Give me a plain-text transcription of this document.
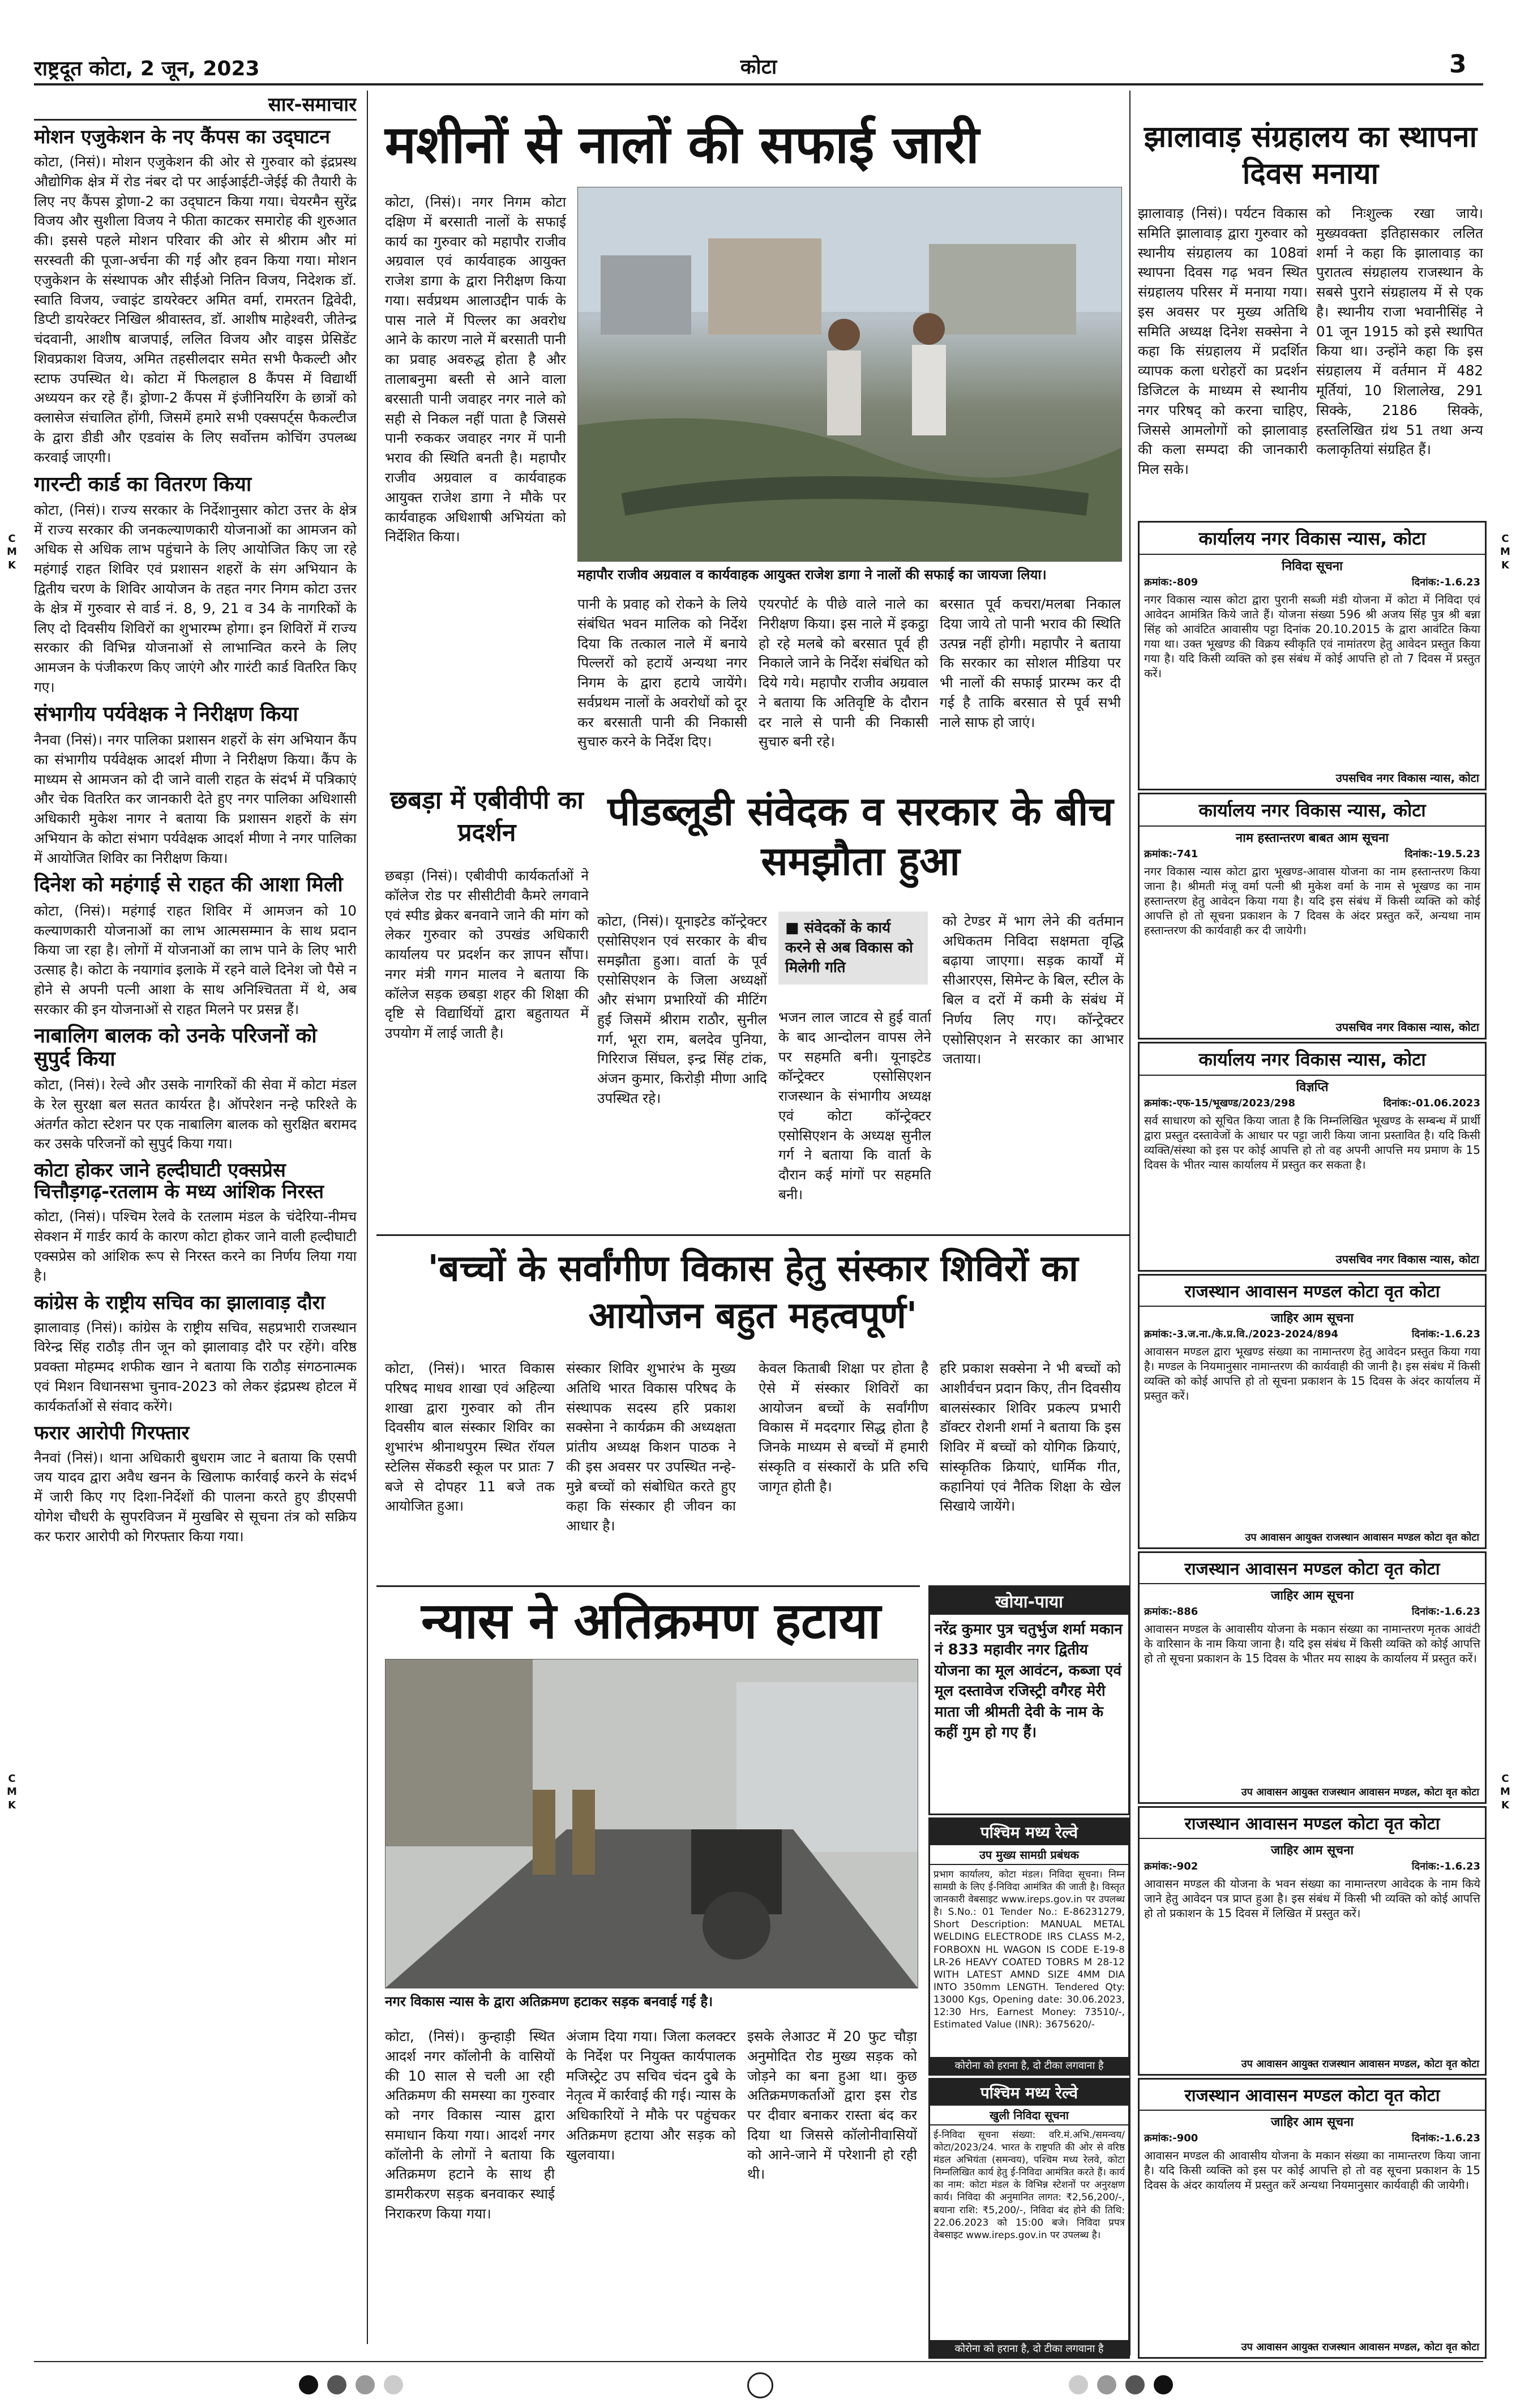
राष्ट्रदूत कोटा, 2 जून, 2023	कोटा	3
C
M
K
C
M
K
C
M
K
C
M
K
सार-समाचार
मोशन एजुकेशन के नए कैंपस का उद्‌घाटन

कोटा, (निसं)। मोशन एजुकेशन की ओर से गुरुवार को इंद्रप्रस्थ औद्योगिक क्षेत्र में रोड नंबर दो पर आईआईटी-जेईई की तैयारी के लिए नए कैंपस ड्रोणा-2 का उद्‌घाटन किया गया। चेयरमैन सुरेंद्र विजय और सुशीला विजय ने फीता काटकर समारोह की शुरुआत की। इससे पहले मोशन परिवार की ओर से श्रीराम और मां सरस्वती की पूजा-अर्चना की गई और हवन किया गया। मोशन एजुकेशन के संस्थापक और सीईओ नितिन विजय, निदेशक डॉ. स्वाति विजय, ज्वाइंट डायरेक्टर अमित वर्मा, रामरतन द्विवेदी, डिप्टी डायरेक्टर निखिल श्रीवास्तव, डॉ. आशीष माहेश्वरी, जीतेन्द्र चंदवानी, आशीष बाजपाई, ललित विजय और वाइस प्रेसिडेंट शिवप्रकाश विजय, अमित तहसीलदार समेत सभी फैकल्टी और स्टाफ उपस्थित थे। कोटा में फिलहाल 8 कैंपस में विद्यार्थी अध्ययन कर रहे हैं। ड्रोणा-2 कैंपस में इंजीनियरिंग के छात्रों को क्लासेज संचालित होंगी, जिसमें हमारे सभी एक्सपर्ट्स फैकल्टीज के द्वारा डीडी और एडवांस के लिए सर्वोत्तम कोचिंग उपलब्ध करवाई जाएगी।

गारन्टी कार्ड का वितरण किया

कोटा, (निसं)। राज्य सरकार के निर्देशानुसार कोटा उत्तर के क्षेत्र में राज्य सरकार की जनकल्याणकारी योजनाओं का आमजन को अधिक से अधिक लाभ पहुंचाने के लिए आयोजित किए जा रहे महंगाई राहत शिविर एवं प्रशासन शहरों के संग अभियान के द्वितीय चरण के शिविर आयोजन के तहत नगर निगम कोटा उत्तर के क्षेत्र में गुरुवार से वार्ड नं. 8, 9, 21 व 34 के नागरिकों के लिए दो दिवसीय शिविरों का शुभारम्भ होगा। इन शिविरों में राज्य सरकार की विभिन्न योजनाओं से लाभान्वित करने के लिए आमजन के पंजीकरण किए जाएंगे और गारंटी कार्ड वितरित किए गए।

संभागीय पर्यवेक्षक ने निरीक्षण किया

नैनवा (निसं)। नगर पालिका प्रशासन शहरों के संग अभियान कैंप का संभागीय पर्यवेक्षक आदर्श मीणा ने निरीक्षण किया। कैंप के माध्यम से आमजन को दी जाने वाली राहत के संदर्भ में पत्रिकाएं और चेक वितरित कर जानकारी देते हुए नगर पालिका अधिशासी अधिकारी मुकेश नागर ने बताया कि प्रशासन शहरों के संग अभियान के कोटा संभाग पर्यवेक्षक आदर्श मीणा ने नगर पालिका में आयोजित शिविर का निरीक्षण किया।

दिनेश को महंगाई से राहत की आशा मिली

कोटा, (निसं)। महंगाई राहत शिविर में आमजन को 10 कल्याणकारी योजनाओं का लाभ आत्मसम्मान के साथ प्रदान किया जा रहा है। लोगों में योजनाओं का लाभ पाने के लिए भारी उत्साह है। कोटा के नयागांव इलाके में रहने वाले दिनेश जो पैसे न होने से अपनी पत्नी आशा के साथ अनिश्चितता में थे, अब सरकार की इन योजनाओं से राहत मिलने पर प्रसन्न हैं।

नाबालिग बालक को उनके परिजनों को सुपुर्द किया

कोटा, (निसं)। रेल्वे और उसके नागरिकों की सेवा में कोटा मंडल के रेल सुरक्षा बल सतत कार्यरत है। ऑपरेशन नन्हे फरिश्ते के अंतर्गत कोटा स्टेशन पर एक नाबालिग बालक को सुरक्षित बरामद कर उसके परिजनों को सुपुर्द किया गया।

कोटा होकर जाने हल्दीघाटी एक्सप्रेस चित्तौड़गढ़-रतलाम के मध्य आंशिक निरस्त

कोटा, (निसं)। पश्चिम रेलवे के रतलाम मंडल के चंदेरिया-नीमच सेक्शन में गार्डर कार्य के कारण कोटा होकर जाने वाली हल्दीघाटी एक्सप्रेस को आंशिक रूप से निरस्त करने का निर्णय लिया गया है।

कांग्रेस के राष्ट्रीय सचिव का झालावाड़ दौरा

झालावाड़ (निसं)। कांग्रेस के राष्ट्रीय सचिव, सहप्रभारी राजस्थान विरेन्द्र सिंह राठौड़ तीन जून को झालावाड़ दौरे पर रहेंगे। वरिष्ठ प्रवक्ता मोहम्मद शफीक खान ने बताया कि राठौड़ संगठनात्मक एवं मिशन विधानसभा चुनाव-2023 को लेकर इंद्रप्रस्थ होटल में कार्यकर्ताओं से संवाद करेंगे।

फरार आरोपी गिरफ्तार

नैनवां (निसं)। थाना अधिकारी बुधराम जाट ने बताया कि एसपी जय यादव द्वारा अवैध खनन के खिलाफ कार्रवाई करने के संदर्भ में जारी किए गए दिशा-निर्देशों की पालना करते हुए डीएसपी योगेश चौधरी के सुपरविजन में मुखबिर से सूचना तंत्र को सक्रिय कर फरार आरोपी को गिरफ्तार किया गया।

मशीनों से नालों की सफाई जारी

कोटा, (निसं)। नगर निगम कोटा दक्षिण में बरसाती नालों के सफाई कार्य का गुरुवार को महापौर राजीव अग्रवाल एवं कार्यवाहक आयुक्त राजेश डागा के द्वारा निरीक्षण किया गया। सर्वप्रथम आलाउद्दीन पार्क के पास नाले में पिल्लर का अवरोध आने के कारण नाले में बरसाती पानी का प्रवाह अवरुद्ध होता है और तालाबनुमा बस्ती से आने वाला बरसाती पानी जवाहर नगर नाले को सही से निकल नहीं पाता है जिससे पानी रुककर जवाहर नगर में पानी भराव की स्थिति बनती है। महापौर राजीव अग्रवाल व कार्यवाहक आयुक्त राजेश डागा ने मौके पर कार्यवाहक अधिशाषी अभियंता को निर्देशित किया।

महापौर राजीव अग्रवाल व कार्यवाहक आयुक्त राजेश डागा ने नालों की सफाई का जायजा लिया।

पानी के प्रवाह को रोकने के लिये संबंधित भवन मालिक को निर्देश दिया कि तत्काल नाले में बनाये पिल्लरों को हटायें अन्यथा नगर निगम के द्वारा हटाये जायेंगे। सर्वप्रथम नालों के अवरोधों को दूर कर बरसाती पानी की निकासी सुचारु करने के निर्देश दिए।

एयरपोर्ट के पीछे वाले नाले का निरीक्षण किया। इस नाले में इकट्ठा हो रहे मलबे को बरसात पूर्व ही निकाले जाने के निर्देश संबंधित को दिये गये। महापौर राजीव अग्रवाल ने बताया कि अतिवृष्टि के दौरान दर नाले से पानी की निकासी सुचारु बनी रहे।

बरसात पूर्व कचरा/मलबा निकाल दिया जाये तो पानी भराव की स्थिति उत्पन्न नहीं होगी। महापौर ने बताया कि सरकार का सोशल मीडिया पर भी नालों की सफाई प्रारम्भ कर दी गई है ताकि बरसात से पूर्व सभी नाले साफ हो जाएं।

झालावाड़ संग्रहालय का स्थापना दिवस मनाया

झालावाड़ (निसं)। पर्यटन विकास समिति झालावाड़ द्वारा गुरुवार को स्थानीय संग्रहालय का 108वां स्थापना दिवस गढ़ भवन स्थित संग्रहालय परिसर में मनाया गया। इस अवसर पर मुख्य अतिथि समिति अध्यक्ष दिनेश सक्सेना ने कहा कि संग्रहालय में प्रदर्शित व्यापक कला धरोहरों का प्रदर्शन डिजिटल के माध्यम से स्थानीय नगर परिषद् को करना चाहिए, जिससे आमलोगों को झालावाड़ की कला सम्पदा की जानकारी मिल सके।

को निःशुल्क रखा जाये। मुख्यवक्ता इतिहासकार ललित शर्मा ने कहा कि झालावाड़ का पुरातत्व संग्रहालय राजस्थान के सबसे पुराने संग्रहालय में से एक है। स्थानीय राजा भवानीसिंह ने 01 जून 1915 को इसे स्थापित किया था। उन्होंने कहा कि इस संग्रहालय में वर्तमान में 482 मूर्तियां, 10 शिलालेख, 291 सिक्के, 2186 सिक्के, हस्तलिखित ग्रंथ 51 तथा अन्य कलाकृतियां संग्रहित हैं।

छबड़ा में एबीवीपी का प्रदर्शन

छबड़ा (निसं)। एबीवीपी कार्यकर्ताओं ने कॉलेज रोड पर सीसीटीवी कैमरे लगवाने एवं स्पीड ब्रेकर बनवाने जाने की मांग को लेकर गुरुवार को उपखंड अधिकारी कार्यालय पर प्रदर्शन कर ज्ञापन सौंपा। नगर मंत्री गगन मालव ने बताया कि कॉलेज सड़क छबड़ा शहर की शिक्षा की दृष्टि से विद्यार्थियों द्वारा बहुतायत में उपयोग में लाई जाती है।

पीडब्लूडी संवेदक व सरकार के बीच समझौता हुआ
■ संवेदकों के कार्य करने से अब विकास को मिलेगी गति

कोटा, (निसं)। यूनाइटेड कॉन्ट्रेक्टर एसोसिएशन एवं सरकार के बीच समझौता हुआ। वार्ता के पूर्व एसोसिएशन के जिला अध्यक्षों और संभाग प्रभारियों की मीटिंग हुई जिसमें श्रीराम राठौर, सुनील गर्ग, भूरा राम, बलदेव पुनिया, गिरिराज सिंघल, इन्द्र सिंह टांक, अंजन कुमार, किरोड़ी मीणा आदि उपस्थित रहे।

भजन लाल जाटव से हुई वार्ता के बाद आन्दोलन वापस लेने पर सहमति बनी। यूनाइटेड कॉन्ट्रेक्टर एसोसिएशन राजस्थान के संभागीय अध्यक्ष एवं कोटा कॉन्ट्रेक्टर एसोसिएशन के अध्यक्ष सुनील गर्ग ने बताया कि वार्ता के दौरान कई मांगों पर सहमति बनी।

को टेण्डर में भाग लेने की वर्तमान अधिकतम निविदा सक्षमता वृद्धि बढ़ाया जाएगा। सड़क कार्यों में सीआरएस, सिमेन्ट के बिल, स्टील के बिल व दरों में कमी के संबंध में निर्णय लिए गए। कॉन्ट्रेक्टर एसोसिएशन ने सरकार का आभार जताया।

'बच्चों के सर्वांगीण विकास हेतु संस्कार शिविरों का आयोजन बहुत महत्वपूर्ण'

कोटा, (निसं)। भारत विकास परिषद माधव शाखा एवं अहिल्या शाखा द्वारा गुरुवार को तीन दिवसीय बाल संस्कार शिविर का शुभारंभ श्रीनाथपुरम स्थित रॉयल स्टेलिस सेंकडरी स्कूल पर प्रातः 7 बजे से दोपहर 11 बजे तक आयोजित हुआ।

संस्कार शिविर शुभारंभ के मुख्य अतिथि भारत विकास परिषद के संस्थापक सदस्य हरि प्रकाश सक्सेना ने कार्यक्रम की अध्यक्षता प्रांतीय अध्यक्ष किशन पाठक ने की इस अवसर पर उपस्थित नन्हे-मुन्ने बच्चों को संबोधित करते हुए कहा कि संस्कार ही जीवन का आधार है।

केवल किताबी शिक्षा पर होता है ऐसे में संस्कार शिविरों का आयोजन बच्चों के सर्वांगीण विकास में मददगार सिद्ध होता है जिनके माध्यम से बच्चों में हमारी संस्कृति व संस्कारों के प्रति रुचि जागृत होती है।

हरि प्रकाश सक्सेना ने भी बच्चों को आशीर्वचन प्रदान किए, तीन दिवसीय बालसंस्कार शिविर प्रकल्प प्रभारी डॉक्टर रोशनी शर्मा ने बताया कि इस शिविर में बच्चों को योगिक क्रियाएं, सांस्कृतिक क्रियाएं, धार्मिक गीत, कहानियां एवं नैतिक शिक्षा के खेल सिखाये जायेंगे।

न्यास ने अतिक्रमण हटाया
नगर विकास न्यास के द्वारा अतिक्रमण हटाकर सड़क बनवाई गई है।

कोटा, (निसं)। कुन्हाड़ी स्थित आदर्श नगर कॉलोनी के वासियों की 10 साल से चली आ रही अतिक्रमण की समस्या का गुरुवार को नगर विकास न्यास द्वारा समाधान किया गया। आदर्श नगर कॉलोनी के लोगों ने बताया कि अतिक्रमण हटाने के साथ ही डामरीकरण सड़क बनवाकर स्थाई निराकरण किया गया।

अंजाम दिया गया। जिला कलक्टर के निर्देश पर नियुक्त कार्यपालक मजिस्ट्रेट उप सचिव चंदन दुबे के नेतृत्व में कार्रवाई की गई। न्यास के अधिकारियों ने मौके पर पहुंचकर अतिक्रमण हटाया और सड़क को खुलवाया।

इसके लेआउट में 20 फुट चौड़ा अनुमोदित रोड मुख्य सड़क को जोड़ने का बना हुआ था। कुछ अतिक्रमणकर्ताओं द्वारा इस रोड पर दीवार बनाकर रास्ता बंद कर दिया था जिससे कॉलोनीवासियों को आने-जाने में परेशानी हो रही थी।

खोया-पाया
नरेंद्र कुमार पुत्र चतुर्भुज शर्मा मकान नं 833 महावीर नगर द्वितीय योजना का मूल आवंटन, कब्जा एवं मूल दस्तावेज रजिस्ट्री वगैरह मेरी माता जी श्रीमती देवी के नाम के कहीं गुम हो गए हैं।
पश्चिम मध्य रेल्वे
उप मुख्य सामग्री प्रबंधक
प्रभाग कार्यालय, कोटा मंडल। निविदा सूचना। निम्न सामग्री के लिए ई-निविदा आमंत्रित की जाती है। विस्तृत जानकारी वेबसाइट www.ireps.gov.in पर उपलब्ध है। S.No.: 01 Tender No.: E-86231279, Short Description: MANUAL METAL WELDING ELECTRODE IRS CLASS M-2, FORBOXN HL WAGON IS CODE E-19-8 LR-26 HEAVY COATED TOBRS M 28-12 WITH LATEST AMND SIZE 4MM DIA INTO 350mm LENGTH. Tendered Qty: 13000 Kgs, Opening date: 30.06.2023, 12:30 Hrs, Earnest Money: 73510/-, Estimated Value (INR): 3675620/-
कोरोना को हराना है, दो टीका लगवाना है
पश्चिम मध्य रेल्वे
खुली निविदा सूचना
ई-निविदा सूचना संख्या: वरि.मं.अभि./समन्वय/कोटा/2023/24. भारत के राष्ट्रपति की ओर से वरिष्ठ मंडल अभियंता (समन्वय), पश्चिम मध्य रेलवे, कोटा निम्नलिखित कार्य हेतु ई-निविदा आमंत्रित करते हैं। कार्य का नाम: कोटा मंडल के विभिन्न स्टेशनों पर अनुरक्षण कार्य। निविदा की अनुमानित लागत: ₹2,56,200/-, बयाना राशि: ₹5,200/-, निविदा बंद होने की तिथि: 22.06.2023 को 15:00 बजे। निविदा प्रपत्र वेबसाइट www.ireps.gov.in पर उपलब्ध है।
कोरोना को हराना है, दो टीका लगवाना है
कार्यालय नगर विकास न्यास, कोटा
निविदा सूचना
क्रमांक:-809	दिनांक:-1.6.23
नगर विकास न्यास कोटा द्वारा पुरानी सब्जी मंडी योजना में कोटा में निविदा एवं आवेदन आमंत्रित किये जाते हैं। योजना संख्या 596 श्री अजय सिंह पुत्र श्री बन्ना सिंह को आवंटित आवासीय पट्टा दिनांक 20.10.2015 के द्वारा आवंटित किया गया था। उक्त भूखण्ड की विक्रय स्वीकृति एवं नामांतरण हेतु आवेदन प्रस्तुत किया गया है। यदि किसी व्यक्ति को इस संबंध में कोई आपत्ति हो तो 7 दिवस में प्रस्तुत करें।
उपसचिव नगर विकास न्यास, कोटा
कार्यालय नगर विकास न्यास, कोटा
नाम हस्तान्तरण बाबत आम सूचना
क्रमांक:-741	दिनांक:-19.5.23
नगर विकास न्यास कोटा द्वारा भूखण्ड-आवास योजना का नाम हस्तान्तरण किया जाना है। श्रीमती मंजू वर्मा पत्नी श्री मुकेश वर्मा के नाम से भूखण्ड का नाम हस्तान्तरण हेतु आवेदन किया गया है। यदि इस संबंध में किसी व्यक्ति को कोई आपत्ति हो तो सूचना प्रकाशन के 7 दिवस के अंदर प्रस्तुत करें, अन्यथा नाम हस्तान्तरण की कार्यवाही कर दी जायेगी।
उपसचिव नगर विकास न्यास, कोटा
कार्यालय नगर विकास न्यास, कोटा
विज्ञप्ति
क्रमांक:-एफ-15/भूखण्ड/2023/298	दिनांक:-01.06.2023
सर्व साधारण को सूचित किया जाता है कि निम्नलिखित भूखण्ड के सम्बन्ध में प्रार्थी द्वारा प्रस्तुत दस्तावेजों के आधार पर पट्टा जारी किया जाना प्रस्तावित है। यदि किसी व्यक्ति/संस्था को इस पर कोई आपत्ति हो तो वह अपनी आपत्ति मय प्रमाण के 15 दिवस के भीतर न्यास कार्यालय में प्रस्तुत कर सकता है।
उपसचिव नगर विकास न्यास, कोटा
राजस्थान आवासन मण्डल कोटा वृत कोटा
जाहिर आम सूचना
क्रमांक:-3.ज.ना./के.प्र.वि./2023-2024/894	दिनांक:-1.6.23
आवासन मण्डल द्वारा भूखण्ड संख्या का नामान्तरण हेतु आवेदन प्रस्तुत किया गया है। मण्डल के नियमानुसार नामान्तरण की कार्यवाही की जानी है। इस संबंध में किसी व्यक्ति को कोई आपत्ति हो तो सूचना प्रकाशन के 15 दिवस के अंदर कार्यालय में प्रस्तुत करें।
उप आवासन आयुक्त राजस्थान आवासन मण्डल कोटा वृत कोटा
राजस्थान आवासन मण्डल कोटा वृत कोटा
जाहिर आम सूचना
क्रमांक:-886	दिनांक:-1.6.23
आवासन मण्डल के आवासीय योजना के मकान संख्या का नामान्तरण मृतक आवंटी के वारिसान के नाम किया जाना है। यदि इस संबंध में किसी व्यक्ति को कोई आपत्ति हो तो सूचना प्रकाशन के 15 दिवस के भीतर मय साक्ष्य के कार्यालय में प्रस्तुत करें।
उप आवासन आयुक्त राजस्थान आवासन मण्डल, कोटा वृत कोटा
राजस्थान आवासन मण्डल कोटा वृत कोटा
जाहिर आम सूचना
क्रमांक:-902	दिनांक:-1.6.23
आवासन मण्डल की योजना के भवन संख्या का नामान्तरण आवेदक के नाम किये जाने हेतु आवेदन पत्र प्राप्त हुआ है। इस संबंध में किसी भी व्यक्ति को कोई आपत्ति हो तो प्रकाशन के 15 दिवस में लिखित में प्रस्तुत करें।
उप आवासन आयुक्त राजस्थान आवासन मण्डल, कोटा वृत कोटा
राजस्थान आवासन मण्डल कोटा वृत कोटा
जाहिर आम सूचना
क्रमांक:-900	दिनांक:-1.6.23
आवासन मण्डल की आवासीय योजना के मकान संख्या का नामान्तरण किया जाना है। यदि किसी व्यक्ति को इस पर कोई आपत्ति हो तो वह सूचना प्रकाशन के 15 दिवस के अंदर कार्यालय में प्रस्तुत करें अन्यथा नियमानुसार कार्यवाही की जायेगी।
उप आवासन आयुक्त राजस्थान आवासन मण्डल, कोटा वृत कोटा
